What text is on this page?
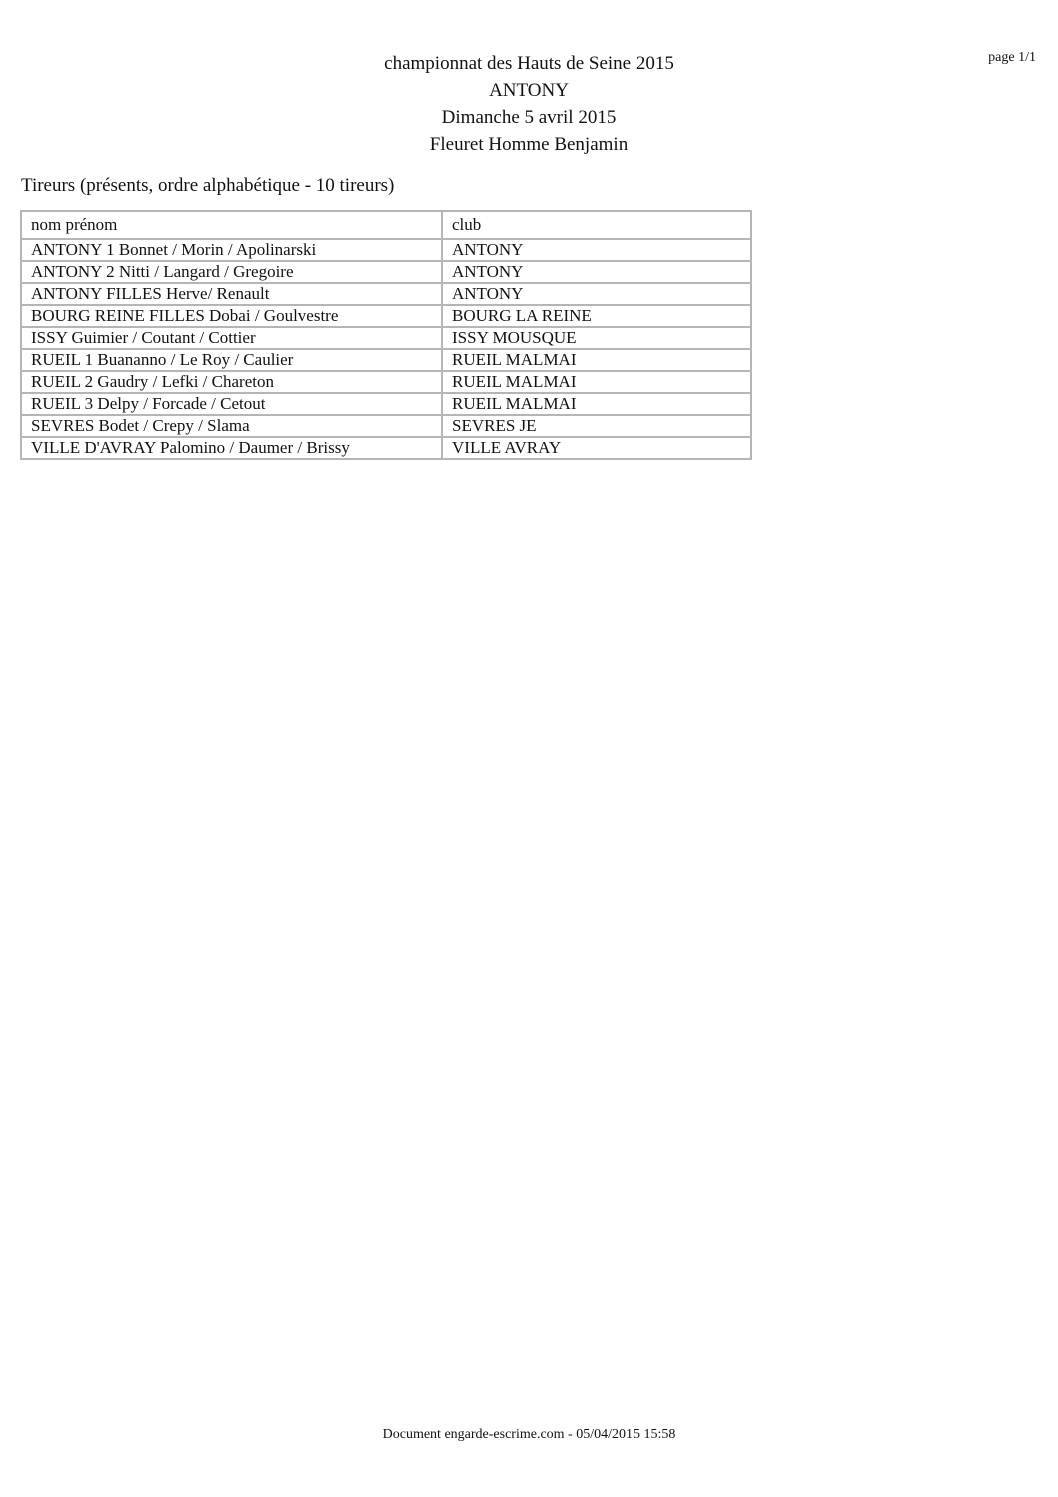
page 1/1
championnat des Hauts de Seine 2015
ANTONY
Dimanche 5 avril 2015
Fleuret Homme Benjamin
Tireurs (présents, ordre alphabétique - 10 tireurs)
nom prénom	club
ANTONY 1 Bonnet / Morin / Apolinarski	ANTONY
ANTONY 2 Nitti / Langard / Gregoire	ANTONY
ANTONY FILLES Herve/ Renault	ANTONY
BOURG REINE FILLES Dobai / Goulvestre	BOURG LA REINE
ISSY Guimier / Coutant / Cottier	ISSY MOUSQUE
RUEIL 1 Buananno / Le Roy / Caulier	RUEIL MALMAI
RUEIL 2 Gaudry / Lefki / Chareton	RUEIL MALMAI
RUEIL 3 Delpy / Forcade / Cetout	RUEIL MALMAI
SEVRES Bodet / Crepy / Slama	SEVRES JE
VILLE D'AVRAY Palomino / Daumer / Brissy	VILLE AVRAY
Document engarde-escrime.com - 05/04/2015 15:58
